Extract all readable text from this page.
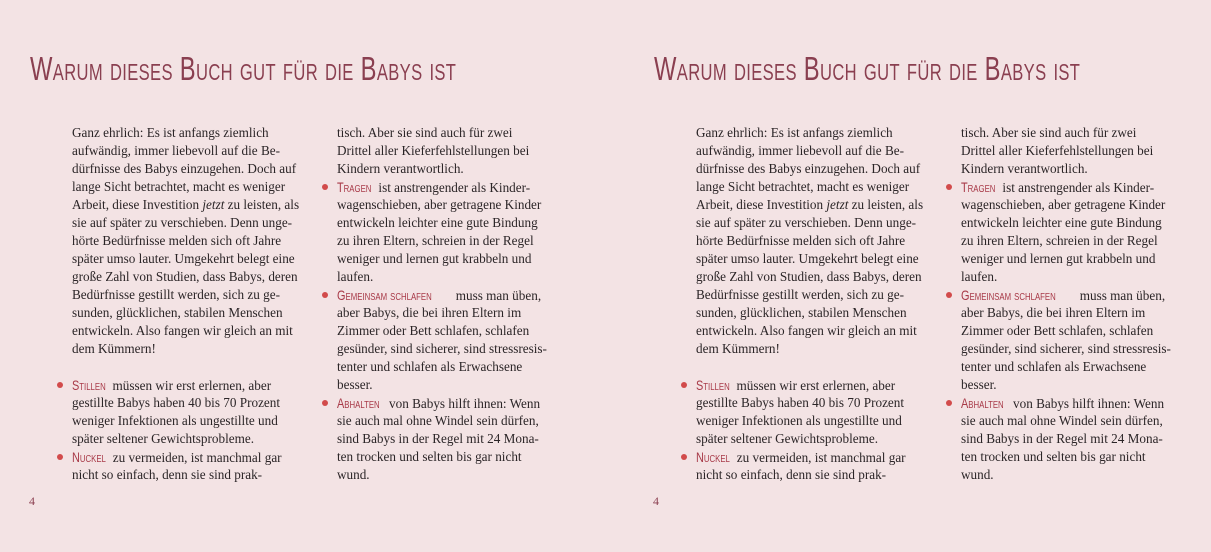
Warum dieses Buch gut für die Babys ist
Ganz ehrlich: Es ist anfangs ziemlich
aufwändig, immer liebevoll auf die Be-
dürfnisse des Babys einzugehen. Doch auf
lange Sicht betrachtet, macht es weniger
Arbeit, diese Investition jetzt zu leisten, als
sie auf später zu verschieben. Denn unge-
hörte Bedürfnisse melden sich oft Jahre
später umso lauter. Umgekehrt belegt eine
große Zahl von Studien, dass Babys, deren
Bedürfnisse gestillt werden, sich zu ge-
sunden, glücklichen, stabilen Menschen
entwickeln. Also fangen wir gleich an mit
dem Kümmern!
Stillen müssen wir erst erlernen, aber
gestillte Babys haben 40 bis 70 Prozent
weniger Infektionen als ungestillte und
später seltener Gewichtsprobleme.
Nuckel zu vermeiden, ist manchmal gar
nicht so einfach, denn sie sind prak-
tisch. Aber sie sind auch für zwei
Drittel aller Kieferfehlstellungen bei
Kindern verantwortlich.
Tragen ist anstrengender als Kinder-
wagenschieben, aber getragene Kinder
entwickeln leichter eine gute Bindung
zu ihren Eltern, schreien in der Regel
weniger und lernen gut krabbeln und
laufen.
Gemeinsam schlafen muss man üben,
aber Babys, die bei ihren Eltern im
Zimmer oder Bett schlafen, schlafen
gesünder, sind sicherer, sind stressresis-
tenter und schlafen als Erwachsene
besser.
Abhalten von Babys hilft ihnen: Wenn
sie auch mal ohne Windel sein dürfen,
sind Babys in der Regel mit 24 Mona-
ten trocken und selten bis gar nicht
wund.
4
Warum dieses Buch gut für die Babys ist
Ganz ehrlich: Es ist anfangs ziemlich
aufwändig, immer liebevoll auf die Be-
dürfnisse des Babys einzugehen. Doch auf
lange Sicht betrachtet, macht es weniger
Arbeit, diese Investition jetzt zu leisten, als
sie auf später zu verschieben. Denn unge-
hörte Bedürfnisse melden sich oft Jahre
später umso lauter. Umgekehrt belegt eine
große Zahl von Studien, dass Babys, deren
Bedürfnisse gestillt werden, sich zu ge-
sunden, glücklichen, stabilen Menschen
entwickeln. Also fangen wir gleich an mit
dem Kümmern!
Stillen müssen wir erst erlernen, aber
gestillte Babys haben 40 bis 70 Prozent
weniger Infektionen als ungestillte und
später seltener Gewichtsprobleme.
Nuckel zu vermeiden, ist manchmal gar
nicht so einfach, denn sie sind prak-
tisch. Aber sie sind auch für zwei
Drittel aller Kieferfehlstellungen bei
Kindern verantwortlich.
Tragen ist anstrengender als Kinder-
wagenschieben, aber getragene Kinder
entwickeln leichter eine gute Bindung
zu ihren Eltern, schreien in der Regel
weniger und lernen gut krabbeln und
laufen.
Gemeinsam schlafen muss man üben,
aber Babys, die bei ihren Eltern im
Zimmer oder Bett schlafen, schlafen
gesünder, sind sicherer, sind stressresis-
tenter und schlafen als Erwachsene
besser.
Abhalten von Babys hilft ihnen: Wenn
sie auch mal ohne Windel sein dürfen,
sind Babys in der Regel mit 24 Mona-
ten trocken und selten bis gar nicht
wund.
4
